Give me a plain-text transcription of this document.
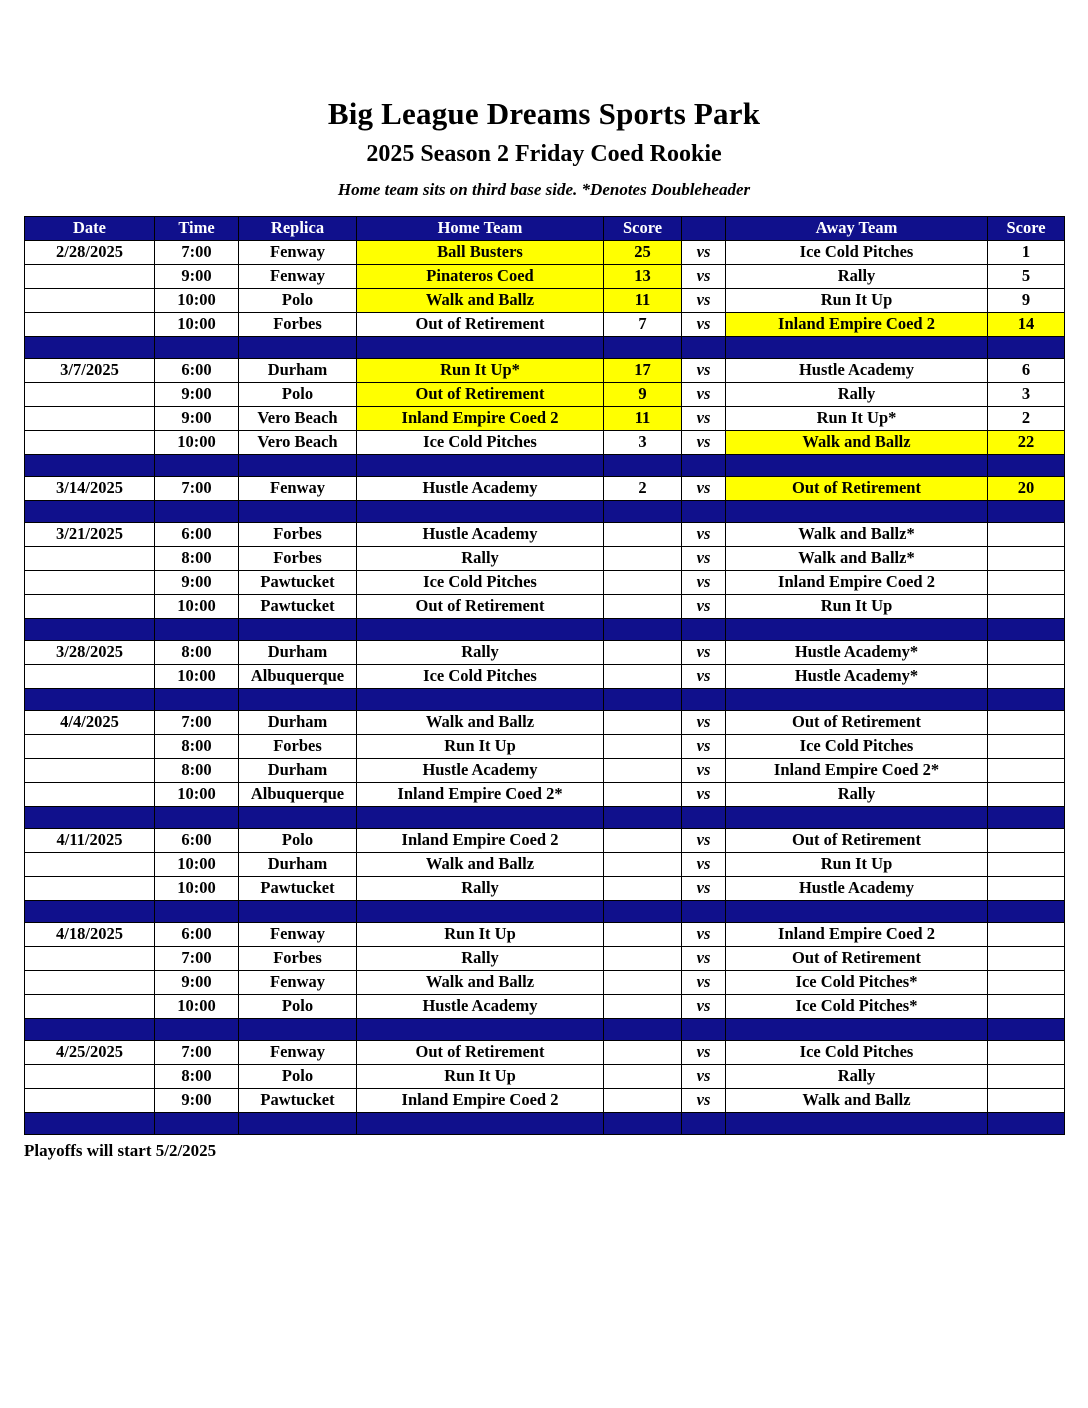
Big League Dreams Sports Park
2025 Season 2 Friday Coed Rookie
Home team sits on third base side. *Denotes Doubleheader
Date	Time	Replica	Home Team	Score		Away Team	Score
2/28/2025	7:00	Fenway	Ball Busters	25	vs	Ice Cold Pitches	1
	9:00	Fenway	Pinateros Coed	13	vs	Rally	5
	10:00	Polo	Walk and Ballz	11	vs	Run It Up	9
	10:00	Forbes	Out of Retirement	7	vs	Inland Empire Coed 2	14

3/7/2025	6:00	Durham	Run It Up*	17	vs	Hustle Academy	6
	9:00	Polo	Out of Retirement	9	vs	Rally	3
	9:00	Vero Beach	Inland Empire Coed 2	11	vs	Run It Up*	2
	10:00	Vero Beach	Ice Cold Pitches	3	vs	Walk and Ballz	22

3/14/2025	7:00	Fenway	Hustle Academy	2	vs	Out of Retirement	20

3/21/2025	6:00	Forbes	Hustle Academy		vs	Walk and Ballz*	
	8:00	Forbes	Rally		vs	Walk and Ballz*	
	9:00	Pawtucket	Ice Cold Pitches		vs	Inland Empire Coed 2	
	10:00	Pawtucket	Out of Retirement		vs	Run It Up	

3/28/2025	8:00	Durham	Rally		vs	Hustle Academy*	
	10:00	Albuquerque	Ice Cold Pitches		vs	Hustle Academy*	

4/4/2025	7:00	Durham	Walk and Ballz		vs	Out of Retirement	
	8:00	Forbes	Run It Up		vs	Ice Cold Pitches	
	8:00	Durham	Hustle Academy		vs	Inland Empire Coed 2*	
	10:00	Albuquerque	Inland Empire Coed 2*		vs	Rally	

4/11/2025	6:00	Polo	Inland Empire Coed 2		vs	Out of Retirement	
	10:00	Durham	Walk and Ballz		vs	Run It Up	
	10:00	Pawtucket	Rally		vs	Hustle Academy	

4/18/2025	6:00	Fenway	Run It Up		vs	Inland Empire Coed 2	
	7:00	Forbes	Rally		vs	Out of Retirement	
	9:00	Fenway	Walk and Ballz		vs	Ice Cold Pitches*	
	10:00	Polo	Hustle Academy		vs	Ice Cold Pitches*	

4/25/2025	7:00	Fenway	Out of Retirement		vs	Ice Cold Pitches	
	8:00	Polo	Run It Up		vs	Rally	
	9:00	Pawtucket	Inland Empire Coed 2		vs	Walk and Ballz	

Playoffs will start 5/2/2025
